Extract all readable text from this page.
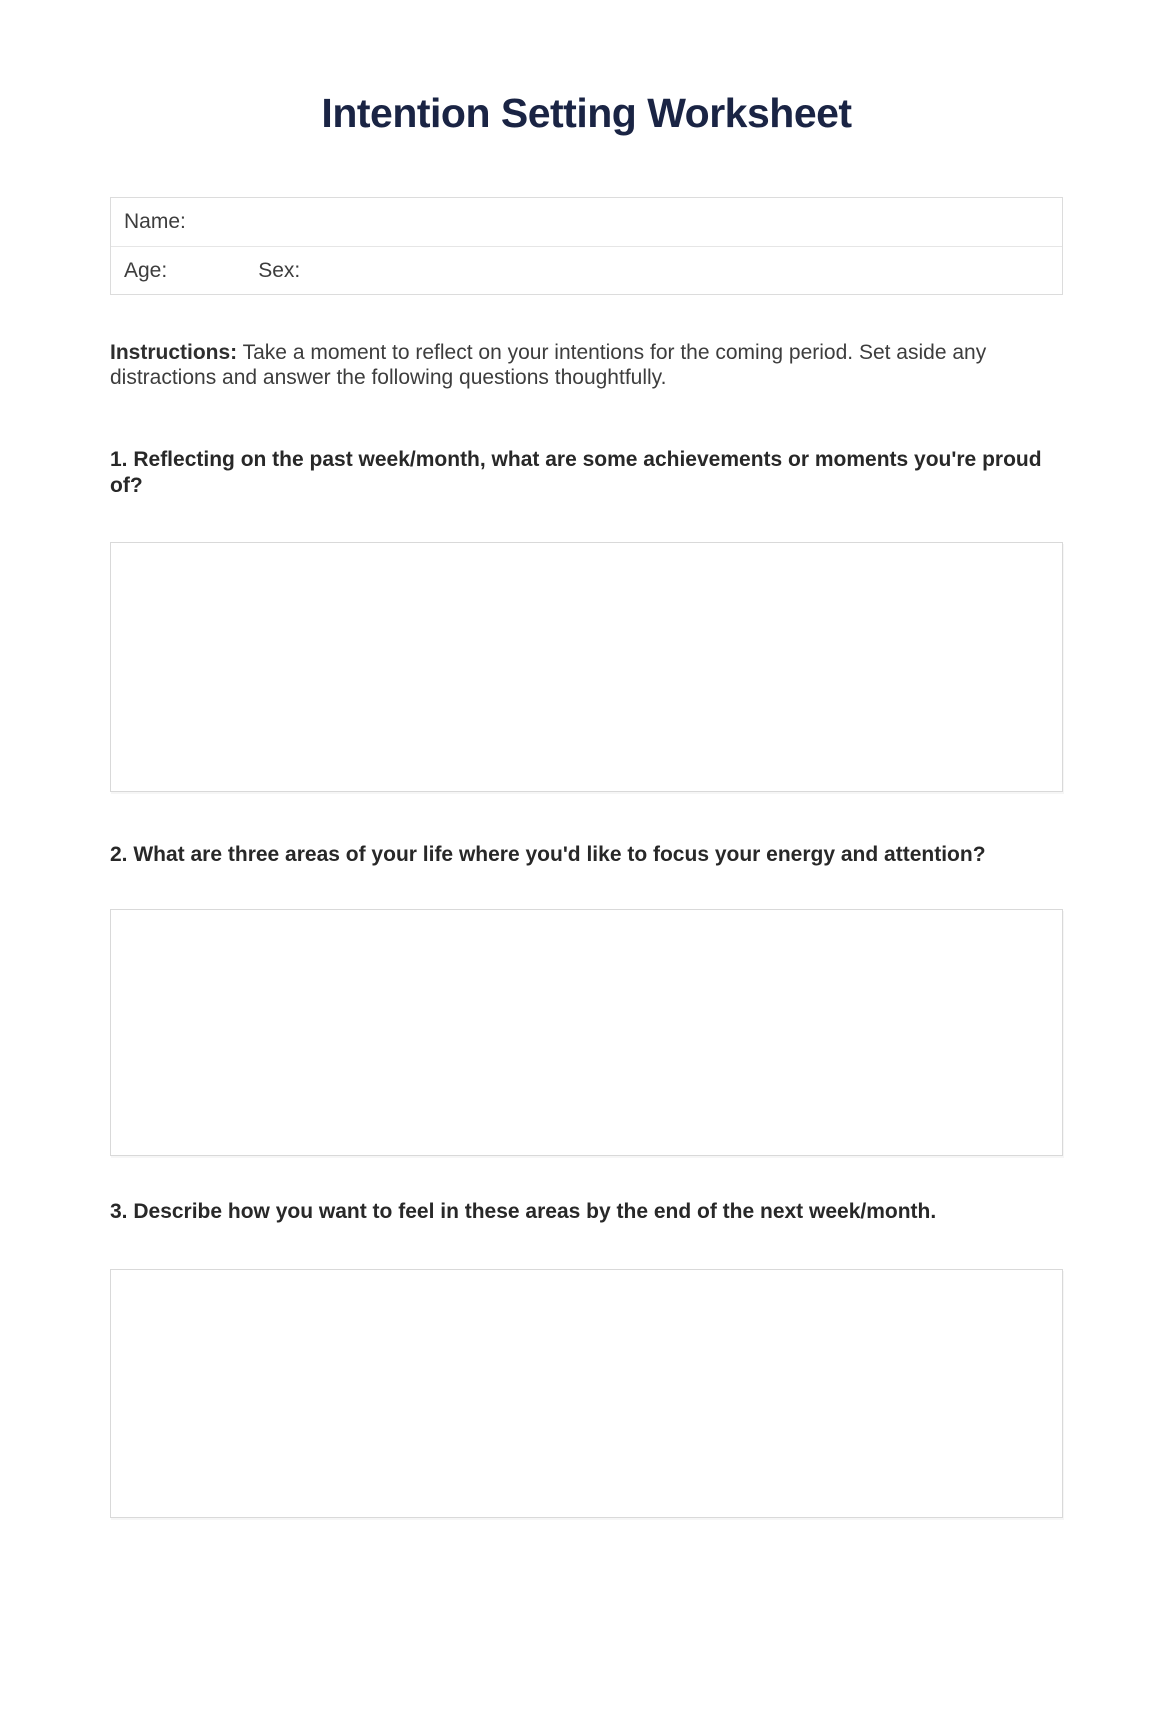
Intention Setting Worksheet
Name:
Age:	Sex:

Instructions: Take a moment to reflect on your intentions for the coming period. Set aside any distractions and answer the following questions thoughtfully.

1. Reflecting on the past week/month, what are some achievements or moments you're proud of?

2. What are three areas of your life where you'd like to focus your energy and attention?

3. Describe how you want to feel in these areas by the end of the next week/month.
